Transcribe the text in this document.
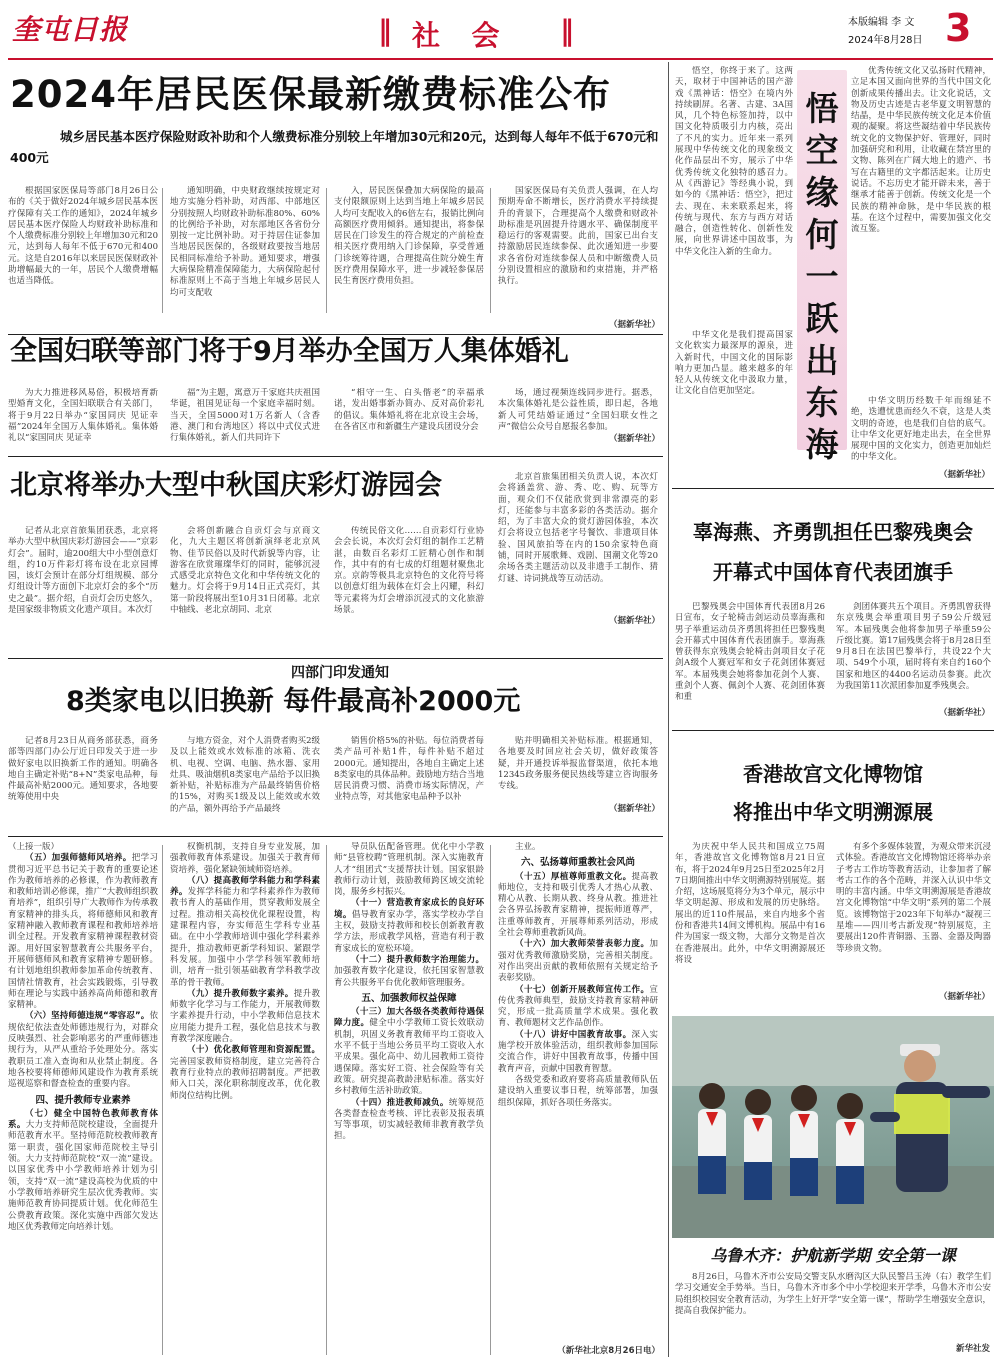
奎屯日报	‖ 社  会 ‖	本版编辑 李 文
2024年8月28日 3
2024年居民医保最新缴费标准公布
城乡居民基本医疗保险财政补助和个人缴费标准分别较上年增加30元和20元，达到每人每年不低于670元和400元

根据国家医保局等部门8月26日公布的《关于做好2024年城乡居民基本医疗保障有关工作的通知》，2024年城乡居民基本医疗保险人均财政补助标准和个人缴费标准分别较上年增加30元和20元，达到每人每年不低于670元和400元。这是自2016年以来居民医保财政补助增幅最大的一年，居民个人缴费增幅也适当降低。

通知明确，中央财政继续按规定对地方实施分档补助，对西部、中部地区分别按照人均财政补助标准80%、60%的比例给予补助，对东部地区各省份分别按一定比例补助。对于持居住证参加当地居民医保的，各级财政要按当地居民相同标准给予补助。通知要求，增强大病保险精准保障能力，大病保险起付标准原则上不高于当地上年城乡居民人均可支配收

入，居民医保叠加大病保险的最高支付限额原则上达到当地上年城乡居民人均可支配收入的6倍左右，报销比例向高额医疗费用倾斜。通知提出，将参保居民在门诊发生的符合规定的产前检查相关医疗费用纳入门诊保障，享受普通门诊统筹待遇，合理提高住院分娩生育医疗费用保障水平，进一步减轻参保居民生育医疗费用负担。

国家医保局有关负责人强调，在人均预期寿命不断增长，医疗消费水平持续提升的背景下，合理提高个人缴费和财政补助标准是巩固提升待遇水平、确保制度平稳运行的客观需要。此前，国家已出台支持激励居民连续参保、此次通知进一步要求各省份对连续参保人员和中断缴费人员分别设置相应的激励和约束措施，并严格执行。

（据新华社）
全国妇联等部门将于9月举办全国万人集体婚礼

为大力推进移风易俗，积极培育新型婚育文化，全国妇联联合有关部门，将于9月22日举办“家国同庆 见证幸福”2024年全国万人集体婚礼。集体婚礼以“家国同庆 见证幸

福”为主题，寓意万千家庭共庆祖国华诞，祖国见证每一个家庭幸福时刻。当天，全国5000对1万名新人（含香港、澳门和台湾地区）将以中式仪式进行集体婚礼，新人们共同许下

“相守一生、白头偕老”的幸福承诺，发出婚事新办简办、反对高价彩礼的倡议。集体婚礼将在北京设主会场，在各省区市和新疆生产建设兵团设分会

场，通过视频连线同步进行。据悉，本次集体婚礼是公益性质，即日起，各地新人可凭结婚证通过“全国妇联女性之声”微信公众号自愿报名参加。

（据新华社）
北京将举办大型中秋国庆彩灯游园会

记者从北京首旅集团获悉，北京将举办大型中秋国庆彩灯游园会——“京彩灯会”。届时，逾200组大中小型创意灯组，约10万件彩灯将布设在北京园博园，该灯会预计在部分灯组规模、部分灯组设计等方面创下北京灯会的多个“历史之最”。据介绍，自贡灯会历史悠久，是国家级非物质文化遗产项目。本次灯

会将创新融合自贡灯会与京商文化，九大主题区将创新演绎老北京风物、佳节民俗以及时代新貌等内容，让游客在欣赏璀璨华灯的同时，能够沉浸式感受北京特色文化和中华传统文化的魅力。灯会将于9月14日正式亮灯，其第一阶段将展出至10月31日闭幕。北京中轴线、老北京胡同、北京

传统民俗文化……自贡彩灯行业协会会长说，本次灯会灯组的制作工艺精湛，由数百名彩灯工匠精心创作和制作，其中有的有七成的灯组题材聚焦北京。京韵等极具北京特色的文化符号将以创意灯组为载体在灯会上闪耀，科幻等元素将为灯会增添沉浸式的文化旅游场景。

北京首旅集团相关负责人说，本次灯会将涵盖赏、游、秀、吃、购、玩等方面，观众们不仅能欣赏到非常漂亮的彩灯，还能参与丰富多彩的各类活动。据介绍，为了丰富大众的赏灯游园体验，本次灯会将设立包括老字号餐饮、非遗项目体验、国风旅拍等在内的150余家特色商铺，同时开展歌舞、戏剧、国潮文化等20余场各类主题活动以及非遗手工制作、猜灯谜、诗词挑战等互动活动。

（据新华社）
四部门印发通知
8类家电以旧换新 每件最高补2000元

记者8月23日从商务部获悉，商务部等四部门办公厅近日印发关于进一步做好家电以旧换新工作的通知。明确各地自主确定补贴“8+N”类家电品种，每件最高补贴2000元。通知要求，各地要统筹使用中央

与地方资金，对个人消费者购买2级及以上能效或水效标准的冰箱、洗衣机、电视、空调、电脑、热水器、家用灶具、吸油烟机8类家电产品给予以旧换新补贴，补贴标准为产品最终销售价格的15%，对购买1级及以上能效或水效的产品，额外再给予产品最终

销售价格5%的补贴。每位消费者每类产品可补贴1件，每件补贴不超过2000元。通知提出，各地自主确定上述8类家电的具体品种。鼓励地方结合当地居民消费习惯、消费市场实际情况，产业特点等，对其他家电品种予以补

贴并明确相关补贴标准。根据通知，各地要及时回应社会关切，做好政策答疑，并开通投诉举报监督渠道，依托本地12345政务服务便民热线等建立咨询服务专线。

（据新华社）
（上接一版）

（五）加强师德师风培养。把学习贯彻习近平总书记关于教育的重要论述作为教师培养的必修课，作为教师教育和教师培训必修课，推广“大教师组织教育培养”，组织引导广大教师作为传承教育家精神的排头兵，将师德师风和教育家精神融入教师教育课程和教师培养培训全过程。开发教育家精神课程教材资源。用好国家智慧教育公共服务平台，开展师德师风和教育家精神专题研修。有计划地组织教师参加革命传统教育、国情社情教育，社会实践锻炼，引导教师在理论与实践中涵养高尚师德和教育家精神。

（六）坚持师德违规“零容忍”。依规依纪依法查处师德违规行为，对群众反映强烈、社会影响恶劣的严重师德违规行为，从严从重给予处理处分。落实教职员工准入查询和从业禁止制度。各地各校要将师德师风建设作为教育系统巡视巡察和督查检查的重要内容。

四、提升教师专业素养

（七）健全中国特色教师教育体系。大力支持师范院校建设，全面提升师范教育水平。坚持师范院校教师教育第一职责，强化国家师范院校主导引领。大力支持师范院校“双一流”建设。以国家优秀中小学教师培养计划为引领，支持“双一流”建设高校为优质的中小学教师培养研究生层次优秀教师。实施师范教育协同提质计划。优化师范生公费教育政策。深化实施中西部欠发达地区优秀教师定向培养计划。

权衡机制，支持自身专业发展，加强教师教育体系建设。加强关于教育师资培养，强化紧缺领域师资培养。

（八）提高教师学科能力和学科素养。发挥学科能力和学科素养作为教师教书育人的基础作用，贯穿教师发展全过程。推动相关高校优化课程设置，构建课程内容，夯实师范生学科专业基础。在中小学教师培训中强化学科素养提升，推动教师更新学科知识、紧跟学科发展。加强中小学学科领军教师培训，培育一批引领基础教育学科教学改革的骨干教师。

（九）提升教师数字素养。提升教师数字化学习与工作能力，开展教师数字素养提升行动，中小学教师信息技术应用能力提升工程，强化信息技术与教育教学深度融合。

（十）优化教师管理和资源配置。完善国家教师资格制度，建立完善符合教育行业特点的教师招聘制度。严把教师入口关，深化职称制度改革，优化教师岗位结构比例。

导员队伍配备管理。优化中小学教师“县管校聘”管理机制。深入实施教育人才“组团式”支援帮扶计划。国家银龄教师行动计划，鼓励教师跨区域交流轮岗，服务乡村振兴。

（十一）营造教育家成长的良好环境。倡导教育家办学，落实学校办学自主权，鼓励支持教师和校长创新教育教学方法，形成教学风格，营造有利于教育家成长的宽松环境。

（十二）提升教师数字治理能力。加强教育数字化建设，依托国家智慧教育公共服务平台优化教师管理服务。

五、加强教师权益保障

（十三）加大各级各类教师待遇保障力度。健全中小学教师工资长效联动机制，巩固义务教育教师平均工资收入水平不低于当地公务员平均工资收入水平成果。强化高中、幼儿园教师工资待遇保障。落实好工资、社会保险等有关政策。研究提高教龄津贴标准。落实好乡村教师生活补助政策。

（十四）推进教师减负。统筹规范各类督查检查考核、评比表彰及报表填写等事项，切实减轻教师非教育教学负担。

主业。

六、弘扬尊师重教社会风尚

（十五）厚植尊师重教文化。提高教师地位，支持和吸引优秀人才热心从教、精心从教、长期从教、终身从教。推进社会各界弘扬教育家精神，提振师道尊严，注重尊师教育，开展尊师系列活动，形成全社会尊师重教新风尚。

（十六）加大教师荣誉表彰力度。加强对优秀教师激励奖励，完善相关制度。对作出突出贡献的教师依照有关规定给予表彰奖励。

（十七）创新开展教师宣传工作。宣传优秀教师典型，鼓励支持教育家精神研究，形成一批高质量学术成果。强化教育、教师题材文艺作品创作。

（十八）讲好中国教育故事。深入实施学校开放体验活动，组织教师参加国际交流合作，讲好中国教育故事，传播中国教育声音，贡献中国教育智慧。

各级党委和政府要将高质量教师队伍建设纳入重要议事日程，统筹部署，加强组织保障，抓好各项任务落实。

（新华社北京8月26日电）

悟空，你终于来了。这两天，取材于中国神话的国产游戏《黑神话：悟空》在境内外持续刷屏。名著、古建、3A国风，几个特色标签加持，以中国文化特质吸引力内核，亮出了不凡的实力。近年来一系列展现中华传统文化的现象级文化作品层出不穷，展示了中华优秀传统文化独特的感召力。从《西游记》等经典小说，到如今的《黑神话：悟空》，把过去、现在、未来联系起来，将传统与现代、东方与西方对话融合，创造性转化、创新性发展，向世界讲述中国故事，为中华文化注入新的生命力。

中华文化是我们提高国家文化软实力最深厚的源泉，进入新时代，中国文化的国际影响力更加凸显。越来越多的年轻人从传统文化中汲取力量，让文化自信更加坚定。

悟空缘何一跃出东海

优秀传统文化又弘扬时代精神，立足本国又面向世界的当代中国文化创新成果传播出去。让文化说话，文物及历史古迹是古老华夏文明智慧的结晶，是中华民族传统文化足本价值观的凝聚。将这些凝结着中华民族传统文化的文物保护好、管理好，同时加强研究和利用，让收藏在禁宫里的文物、陈列在广阔大地上的遗产、书写在古籍里的文字都活起来。让历史说话。不忘历史才能开辟未来，善于继承才能善于创新。传统文化是一个民族的精神命脉，是中华民族的根基。在这个过程中，需要加强文化交流互鉴。

中华文明历经数千年而绵延不绝，迭遭忧患而经久不衰，这是人类文明的奇迹，也是我们自信的底气。让中华文化更好地走出去，在全世界展现中国的文化实力，创造更加灿烂的中华文化。

（据新华社）
辜海燕、齐勇凯担任巴黎残奥会
开幕式中国体育代表团旗手

巴黎残奥会中国体育代表团8月26日宣布，女子轮椅击剑运动员辜海燕和男子举重运动员齐勇凯将担任巴黎残奥会开幕式中国体育代表团旗手。辜海燕曾获得东京残奥会轮椅击剑项目女子花剑A级个人赛冠军和女子花剑团体赛冠军。本届残奥会她将参加花剑个人赛、重剑个人赛、佩剑个人赛、花剑团体赛和重

剑团体赛共五个项目。齐勇凯曾获得东京残奥会举重项目男子59公斤级冠军。本届残奥会他将参加男子举重59公斤级比赛。第17届残奥会将于8月28日至9月8日在法国巴黎举行，共设22个大项、549个小项，届时将有来自约160个国家和地区的4400名运动员参赛。此次为我国第11次派团参加夏季残奥会。

（据新华社）
香港故宫文化博物馆
将推出中华文明溯源展

为庆祝中华人民共和国成立75周年，香港故宫文化博物馆8月21日宣布，将于2024年9月25日至2025年2月7日期间推出中华文明溯源特别展览。据介绍，这场展览将分为3个单元，展示中华文明起源、形成和发展的历史脉络。展出的近110件展品，来自内地多个省份和香港共14间文博机构。展品中有16件为国家一级文物，大部分文物是首次在香港展出。此外，中华文明溯源展还将设

有多个多媒体装置，为观众带来沉浸式体验。香港故宫文化博物馆还将举办亲子考古工作坊等教育活动，让参加者了解考古工作的各个范畴，并深入认识中华文明的丰富内涵。中华文明溯源展是香港故宫文化博物馆“中华文明”系列的第二个展览。该博物馆于2023年下旬举办“凝视三星堆——四川考古新发现”特别展览，主要展出120件青铜器、玉器、金器及陶器等珍贵文物。

（据新华社）
乌鲁木齐：护航新学期 安全第一课

8月26日，乌鲁木齐市公安局交警支队水磨沟区大队民警吕玉涛（右）教学生们学习交通安全手势举。当日，乌鲁木齐市多个中小学校迎来开学季，乌鲁木齐市公安局组织校园安全教育活动，为学生上好开学“安全第一课”，帮助学生增强安全意识，提高自我保护能力。

新华社发
